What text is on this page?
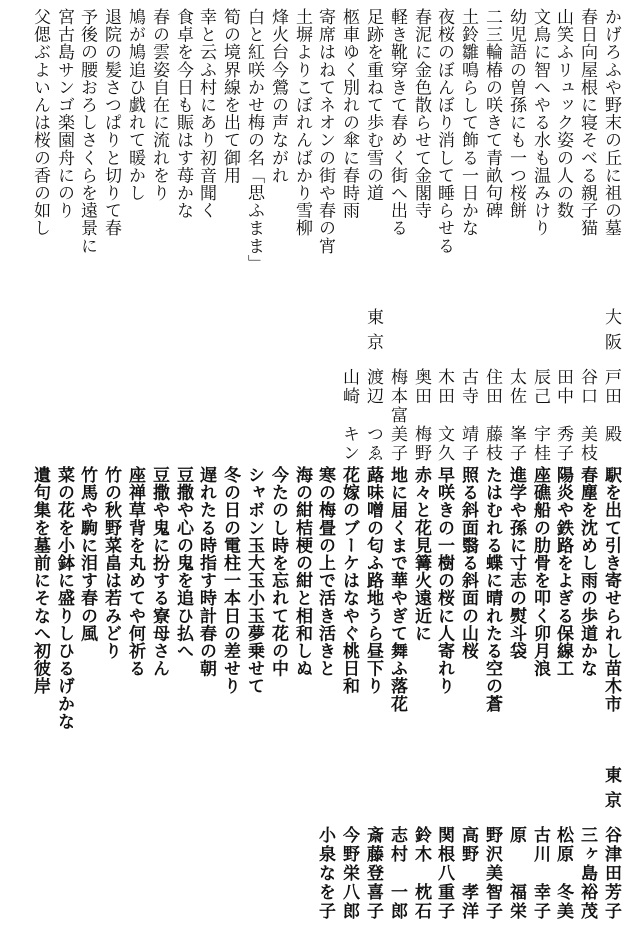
かげろふや野末の丘に祖の墓
大阪
戸田　殿
春日向屋根に寝そべる親子猫
谷口　美枝
山笑ふリュック姿の人の数
田中　秀子
文鳥に智へやる水も温みけり
辰己　宇桂
幼児語の曽孫にも一つ桜餅
太佐　峯子
二三輪椿の咲きて青畝句碑
住田　藤枝
土鈴雛鳴らして飾る一日かな
古寺　靖子
夜桜のぼんぼり消して睡らせる
木田　文久
春泥に金色散らせて金閣寺
奥田　梅野
軽き靴穿きて春めく街へ出る
梅本富美子
足跡を重ねて歩む雪の道
東京
渡辺　つゑ
柩車ゆく別れの傘に春時雨
山崎　キン
寄席はねてネオンの街や春の宵
土塀よりこぼれんばかり雪柳
烽火台今鶯の声ながれ
白と紅咲かせ梅の名「思ふまま」
筍の境界線を出て御用
幸と云ふ村にあり初音聞く
食卓を今日も賑はす苺かな
春の雲姿自在に流れをり
鳩が鳩追ひ戯れて暖かし
退院の髪さつぱりと切りて春
予後の腰おろしさくらを遠景に
宮古島サンゴ楽園舟にのり
父偲ぶよいんは桜の香の如し
駅を出て引き寄せられし苗木市
東京
谷津田芳子
春塵を沈めし雨の歩道かな
三ヶ島裕茂
陽炎や鉄路をよぎる保線工
松原　冬美
座礁船の肋骨を叩く卯月浪
古川　幸子
進学や孫に寸志の熨斗袋
原　　福栄
たはむれる蝶に晴れたる空の蒼
野沢美智子
照る斜面翳る斜面の山桜
高野　孝洋
早咲きの一樹の桜に人寄れり
関根八重子
赤々と花見篝火遠近に
鈴木　枕石
地に届くまで華やぎて舞ふ落花
志村　一郎
蕗味噌の匂ふ路地うら昼下り
斎藤登喜子
花嫁のブーケはなやぐ桃日和
今野栄八郎
寒の梅畳の上で活き活きと
小泉なを子
海の紺桔梗の紺と相和しぬ
今たのし時を忘れて花の中
シャボン玉大玉小玉夢乗せて
冬の日の電柱一本日の差せり
遅れたる時指す時計春の朝
豆撒や心の鬼を追ひ払へ
豆撒や鬼に扮する寮母さん
座禅草背を丸めてや何祈る
竹の秋野菜畠は若みどり
竹馬や駒に泪す春の風
菜の花を小鉢に盛りしひるげかな
遺句集を墓前にそなへ初彼岸
